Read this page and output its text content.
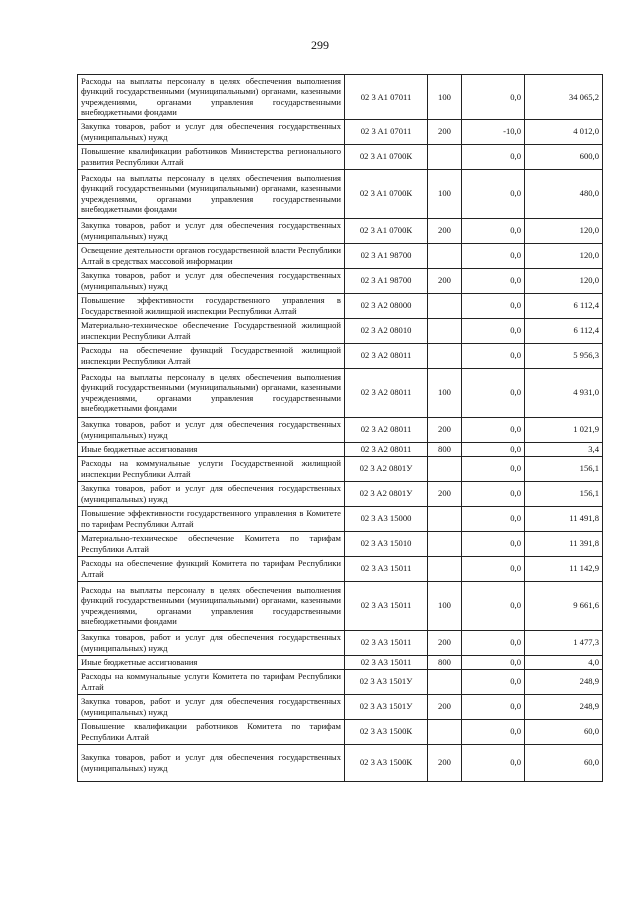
299
Расходы на выплаты персоналу в целях обеспечения выполнения функций государственными (муниципальными) органами, казенными учреждениями, органами управления государственными внебюджетными фондами	02 3 A1 07011	100	0,0	34 065,2
Закупка товаров, работ и услуг для обеспечения государственных (муниципальных) нужд	02 3 A1 07011	200	-10,0	4 012,0
Повышение квалификации работников Министерства регионального развития Республики Алтай	02 3 A1 0700К		0,0	600,0
Расходы на выплаты персоналу в целях обеспечения выполнения функций государственными (муниципальными) органами, казенными учреждениями, органами управления государственными внебюджетными фондами	02 3 A1 0700К	100	0,0	480,0
Закупка товаров, работ и услуг для обеспечения государственных (муниципальных) нужд	02 3 A1 0700К	200	0,0	120,0
Освещение деятельности органов государственной власти Республики Алтай в средствах массовой информации	02 3 A1 98700		0,0	120,0
Закупка товаров, работ и услуг для обеспечения государственных (муниципальных) нужд	02 3 A1 98700	200	0,0	120,0
Повышение эффективности государственного управления в Государственной жилищной инспекции Республики Алтай	02 3 A2 08000		0,0	6 112,4
Материально-техническое обеспечение Государственной жилищной инспекции Республики Алтай	02 3 A2 08010		0,0	6 112,4
Расходы на обеспечение функций Государственной жилищной инспекции Республики Алтай	02 3 A2 08011		0,0	5 956,3
Расходы на выплаты персоналу в целях обеспечения выполнения функций государственными (муниципальными) органами, казенными учреждениями, органами управления государственными внебюджетными фондами	02 3 A2 08011	100	0,0	4 931,0
Закупка товаров, работ и услуг для обеспечения государственных (муниципальных) нужд	02 3 A2 08011	200	0,0	1 021,9
Иные бюджетные ассигнования	02 3 A2 08011	800	0,0	3,4
Расходы на коммунальные услуги Государственной жилищной инспекции Республики Алтай	02 3 A2 0801У		0,0	156,1
Закупка товаров, работ и услуг для обеспечения государственных (муниципальных) нужд	02 3 A2 0801У	200	0,0	156,1
Повышение эффективности государственного управления в Комитете по тарифам Республики Алтай	02 3 A3 15000		0,0	11 491,8
Материально-техническое обеспечение Комитета по тарифам Республики Алтай	02 3 A3 15010		0,0	11 391,8
Расходы на обеспечение функций Комитета по тарифам Республики Алтай	02 3 A3 15011		0,0	11 142,9
Расходы на выплаты персоналу в целях обеспечения выполнения функций государственными (муниципальными) органами, казенными учреждениями, органами управления государственными внебюджетными фондами	02 3 A3 15011	100	0,0	9 661,6
Закупка товаров, работ и услуг для обеспечения государственных (муниципальных) нужд	02 3 A3 15011	200	0,0	1 477,3
Иные бюджетные ассигнования	02 3 A3 15011	800	0,0	4,0
Расходы на коммунальные услуги Комитета по тарифам Республики Алтай	02 3 A3 1501У		0,0	248,9
Закупка товаров, работ и услуг для обеспечения государственных (муниципальных) нужд	02 3 A3 1501У	200	0,0	248,9
Повышение квалификации работников Комитета по тарифам Республики Алтай	02 3 A3 1500К		0,0	60,0
Закупка товаров, работ и услуг для обеспечения государственных (муниципальных) нужд	02 3 A3 1500К	200	0,0	60,0
